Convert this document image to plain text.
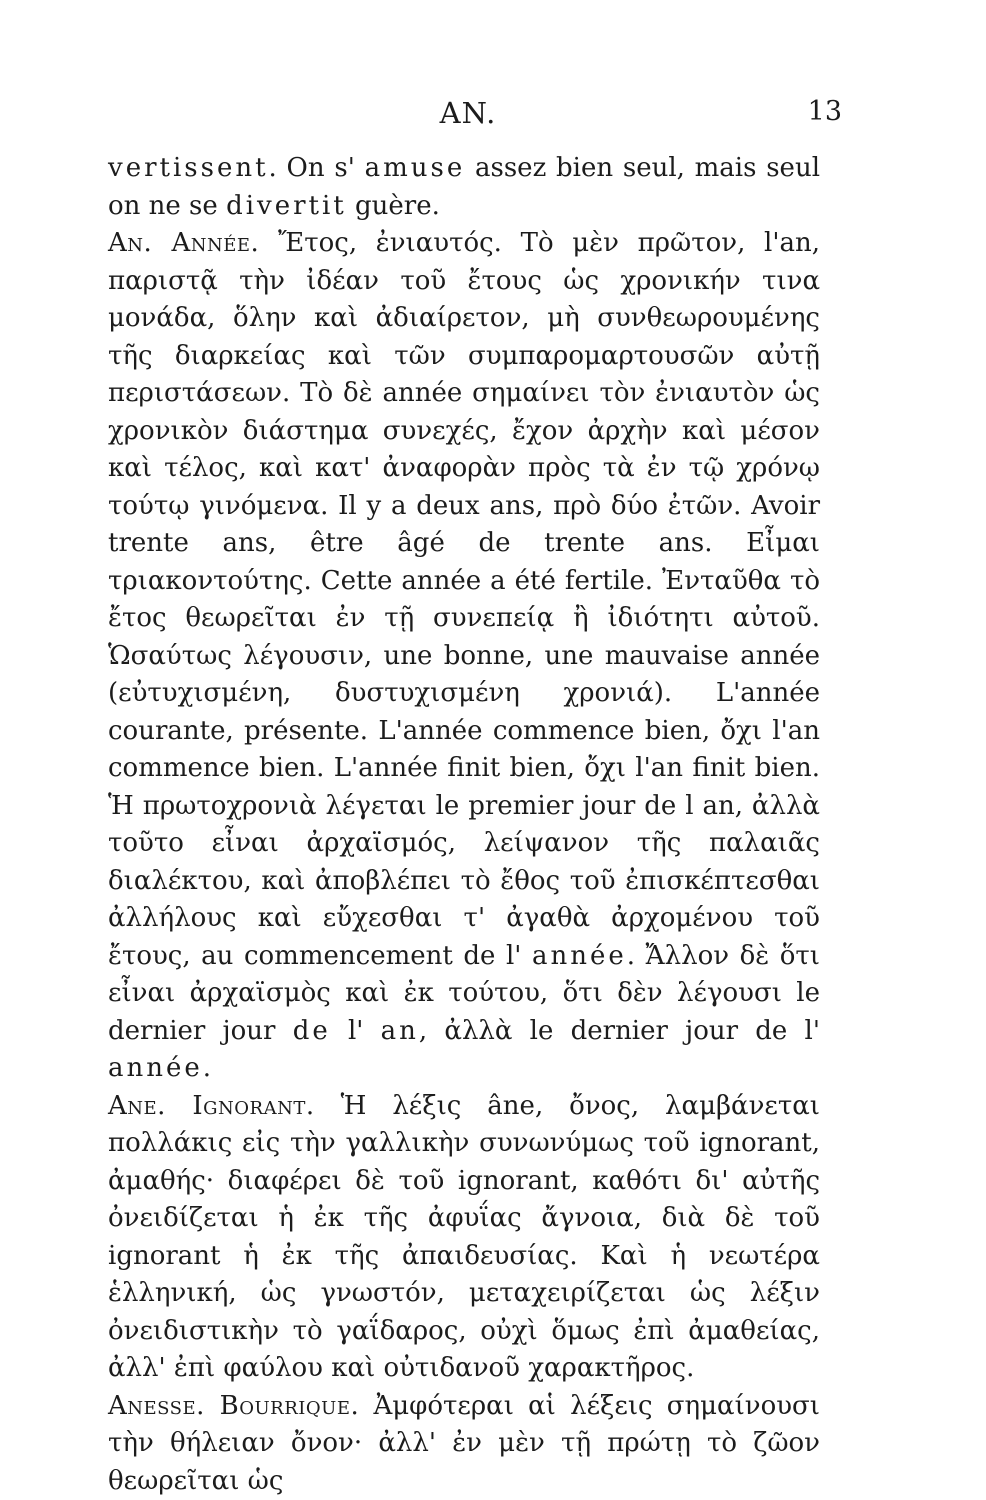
AN.	13

vertissent. On s' amuse assez bien seul, mais seul on ne se divertit guère.

An. Année. Ἔτος, ἐνιαυτός. Τὸ μὲν πρῶτον, l'an, παριστᾷ τὴν ἰδέαν τοῦ ἔτους ὡς χρονικήν τινα μονάδα, ὅλην καὶ ἀδιαίρετον, μὴ συνθεωρουμένης τῆς διαρκείας καὶ τῶν συμπαρομαρτουσῶν αὐτῇ περιστάσεων. Τὸ δὲ année σημαίνει τὸν ἐνιαυτὸν ὡς χρονικὸν διάστημα συνεχές, ἔχον ἀρχὴν καὶ μέσον καὶ τέλος, καὶ κατ' ἀναφορὰν πρὸς τὰ ἐν τῷ χρόνῳ τούτῳ γινόμενα. Il y a deux ans, πρὸ δύο ἐτῶν. Avoir trente ans, être âgé de trente ans. Εἶμαι τριακοντούτης. Cette année a été fertile. Ἐνταῦθα τὸ ἔτος θεωρεῖται ἐν τῇ συνεπείᾳ ἢ ἰδιότητι αὐτοῦ. Ὡσαύτως λέγουσιν, une bonne, une mauvaise année (εὐτυχισμένη, δυστυχισμένη χρονιά). L'année courante, présente. L'année commence bien, ὄχι l'an commence bien. L'année finit bien, ὄχι l'an finit bien. Ἡ πρωτοχρονιὰ λέγεται le premier jour de l an, ἀλλὰ τοῦτο εἶναι ἀρχαϊσμός, λείψανον τῆς παλαιᾶς διαλέκτου, καὶ ἀποβλέπει τὸ ἔθος τοῦ ἐπισκέπτεσθαι ἀλλήλους καὶ εὔχεσθαι τ' ἀγαθὰ ἀρχομένου τοῦ ἔτους, au commencement de l' année. Ἄλλον δὲ ὅτι εἶναι ἀρχαϊσμὸς καὶ ἐκ τούτου, ὅτι δὲν λέγουσι le dernier jour de l' an, ἀλλὰ le dernier jour de l' année.

Ane. Ignorant. Ἡ λέξις âne, ὄνος, λαμβάνεται πολλάκις εἰς τὴν γαλλικὴν συνωνύμως τοῦ ignorant, ἀμαθής· διαφέρει δὲ τοῦ ignorant, καθότι δι' αὐτῆς ὀνειδίζεται ἡ ἐκ τῆς ἀφυΐας ἄγνοια, διὰ δὲ τοῦ ignorant ἡ ἐκ τῆς ἀπαιδευσίας. Καὶ ἡ νεωτέρα ἑλληνική, ὡς γνωστόν, μεταχειρίζεται ὡς λέξιν ὀνειδιστικὴν τὸ γαΐδαρος, οὐχὶ ὅμως ἐπὶ ἀμαθείας, ἀλλ' ἐπὶ φαύλου καὶ οὐτιδανοῦ χαρακτῆρος.

Anesse. Bourrique. Ἀμφότεραι αἱ λέξεις σημαίνουσι τὴν θήλειαν ὄνον· ἀλλ' ἐν μὲν τῇ πρώτῃ τὸ ζῶον θεωρεῖται ὡς
